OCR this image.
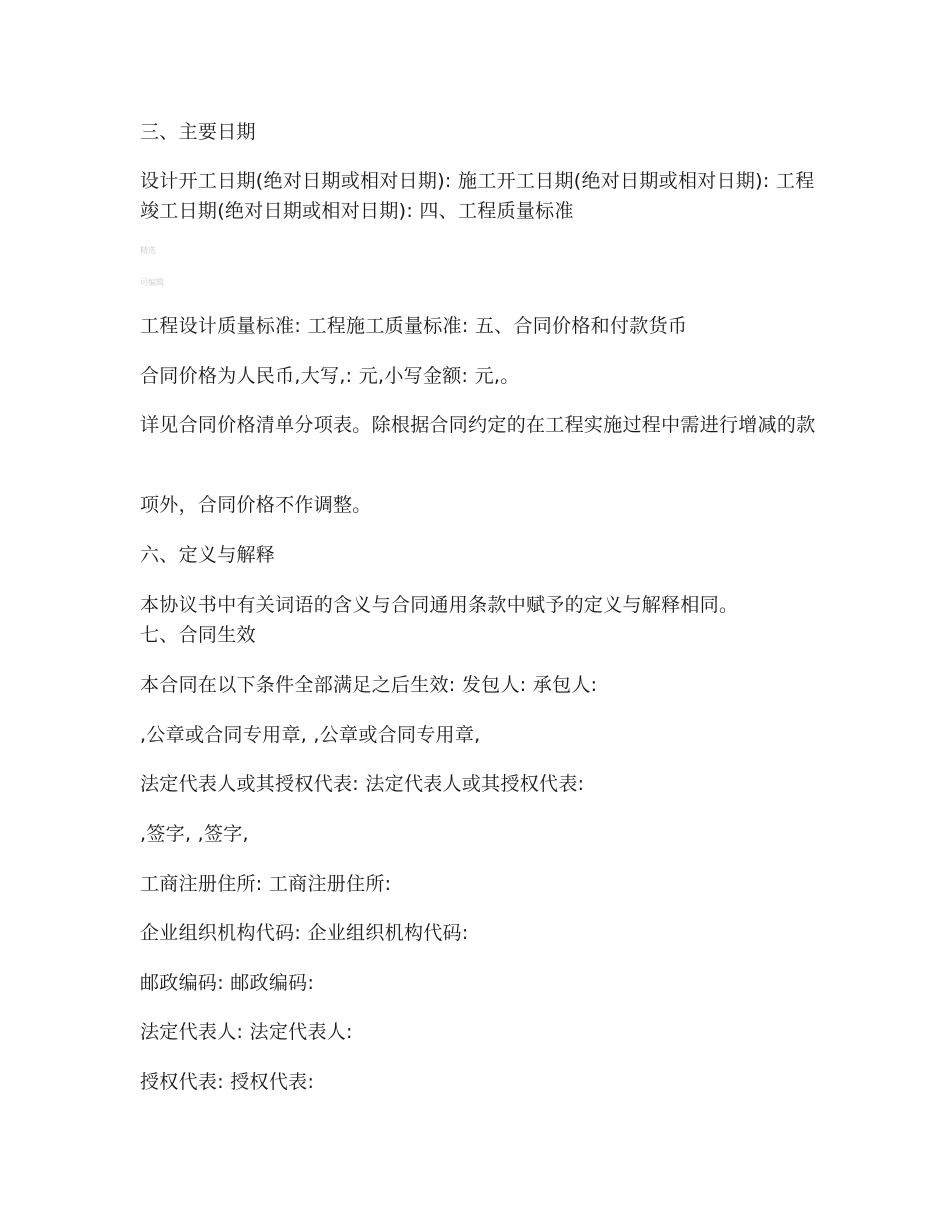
三、主要日期
设计开工日期(绝对日期或相对日期): 施工开工日期(绝对日期或相对日期): 工程竣工日期(绝对日期或相对日期): 四、工程质量标准
精选
可编辑
工程设计质量标准: 工程施工质量标准: 五、合同价格和付款货币
合同价格为人民币,大写,: 元,小写金额: 元,。
详见合同价格清单分项表。除根据合同约定的在工程实施过程中需进行增减的款
项外，合同价格不作调整。
六、定义与解释
本协议书中有关词语的含义与合同通用条款中赋予的定义与解释相同。
七、合同生效
本合同在以下条件全部满足之后生效: 发包人: 承包人:
,公章或合同专用章, ,公章或合同专用章,
法定代表人或其授权代表: 法定代表人或其授权代表:
,签字, ,签字,
工商注册住所: 工商注册住所:
企业组织机构代码: 企业组织机构代码:
邮政编码: 邮政编码:
法定代表人: 法定代表人:
授权代表: 授权代表:
